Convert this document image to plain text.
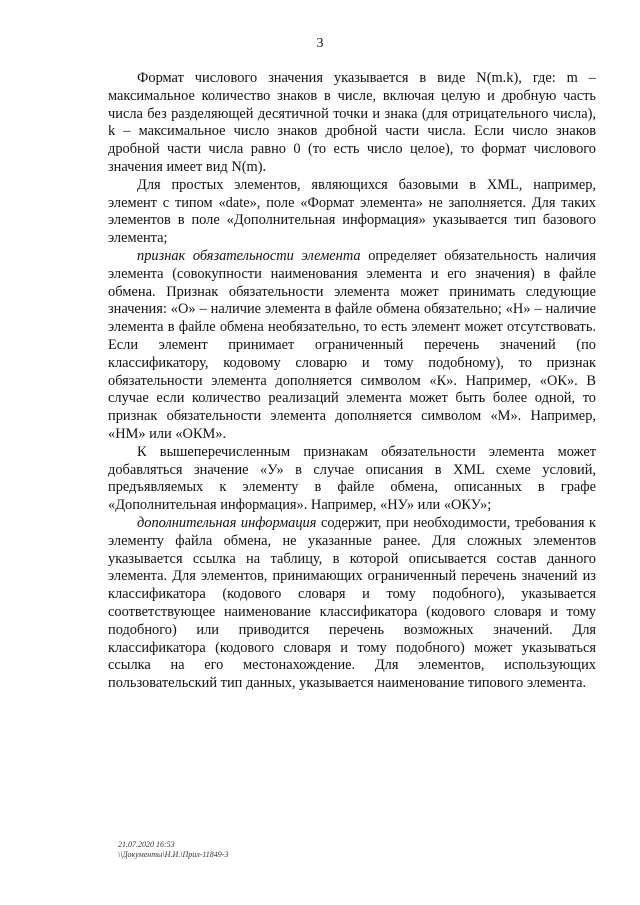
3

Формат числового значения указывается в виде N(m.k), где: m – максимальное количество знаков в числе, включая целую и дробную часть числа без разделяющей десятичной точки и знака (для отрицательного числа), k – максимальное число знаков дробной части числа. Если число знаков дробной части числа равно 0 (то есть число целое), то формат числового значения имеет вид N(m).

Для простых элементов, являющихся базовыми в XML, например, элемент с типом «date», поле «Формат элемента» не заполняется. Для таких элементов в поле «Дополнительная информация» указывается тип базового элемента;

признак обязательности элемента определяет обязательность наличия элемента (совокупности наименования элемента и его значения) в файле обмена. Признак обязательности элемента может принимать следующие значения: «О» – наличие элемента в файле обмена обязательно; «Н» – наличие элемента в файле обмена необязательно, то есть элемент может отсутствовать. Если элемент принимает ограниченный перечень значений (по классификатору, кодовому словарю и тому подобному), то признак обязательности элемента дополняется символом «К». Например, «ОК». В случае если количество реализаций элемента может быть более одной, то признак обязательности элемента дополняется символом «М». Например, «НМ» или «ОКМ».

К вышеперечисленным признакам обязательности элемента может добавляться значение «У» в случае описания в XML схеме условий, предъявляемых к элементу в файле обмена, описанных в графе «Дополнительная информация». Например, «НУ» или «ОКУ»;

дополнительная информация содержит, при необходимости, требования к элементу файла обмена, не указанные ранее. Для сложных элементов указывается ссылка на таблицу, в которой описывается состав данного элемента. Для элементов, принимающих ограниченный перечень значений из классификатора (кодового словаря и тому подобного), указывается соответствующее наименование классификатора (кодового словаря и тому подобного) или приводится перечень возможных значений. Для классификатора (кодового словаря и тому подобного) может указываться ссылка на его местонахождение. Для элементов, использующих пользовательский тип данных, указывается наименование типового элемента.

21.07.2020 16:53
\\Документы\Н.И.\Прил-11849-3
